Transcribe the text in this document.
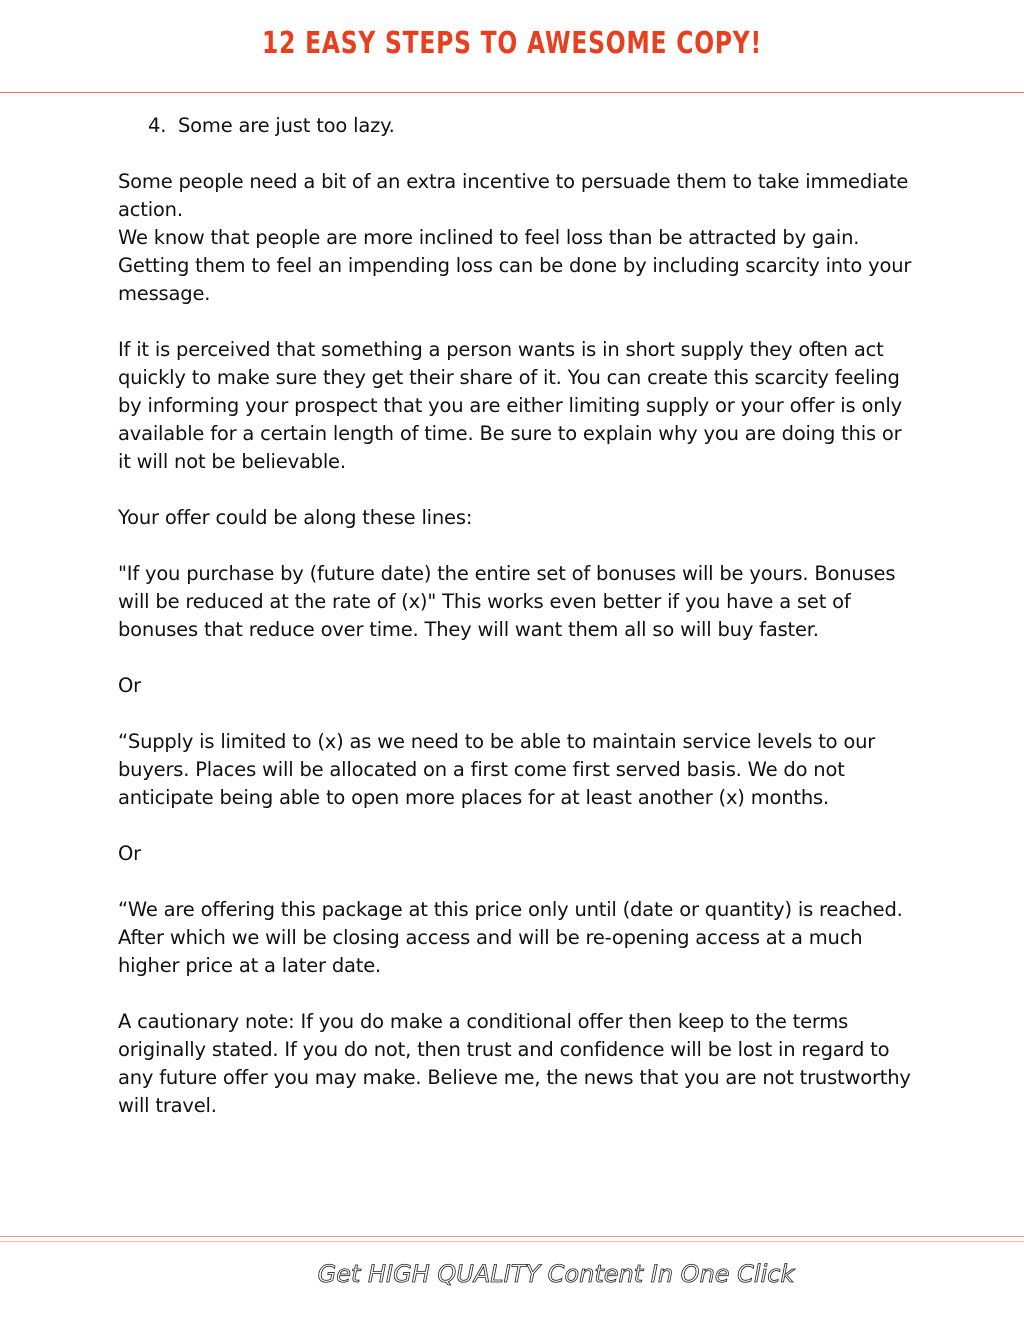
12 EASY STEPS TO AWESOME COPY!
4. Some are just too lazy.

Some people need a bit of an extra incentive to persuade them to take immediate action.

We know that people are more inclined to feel loss than be attracted by gain. Getting them to feel an impending loss can be done by including scarcity into your message.

If it is perceived that something a person wants is in short supply they often act quickly to make sure they get their share of it. You can create this scarcity feeling by informing your prospect that you are either limiting supply or your offer is only available for a certain length of time. Be sure to explain why you are doing this or it will not be believable.

Your offer could be along these lines:

"If you purchase by (future date) the entire set of bonuses will be yours. Bonuses will be reduced at the rate of (x)" This works even better if you have a set of bonuses that reduce over time. They will want them all so will buy faster.

Or

“Supply is limited to (x) as we need to be able to maintain service levels to our buyers. Places will be allocated on a first come first served basis. We do not anticipate being able to open more places for at least another (x) months.

Or

“We are offering this package at this price only until (date or quantity) is reached. After which we will be closing access and will be re-opening access at a much higher price at a later date.

A cautionary note: If you do make a conditional offer then keep to the terms originally stated. If you do not, then trust and confidence will be lost in regard to any future offer you may make. Believe me, the news that you are not trustworthy will travel.

Get HIGH QUALITY Content In One Click
